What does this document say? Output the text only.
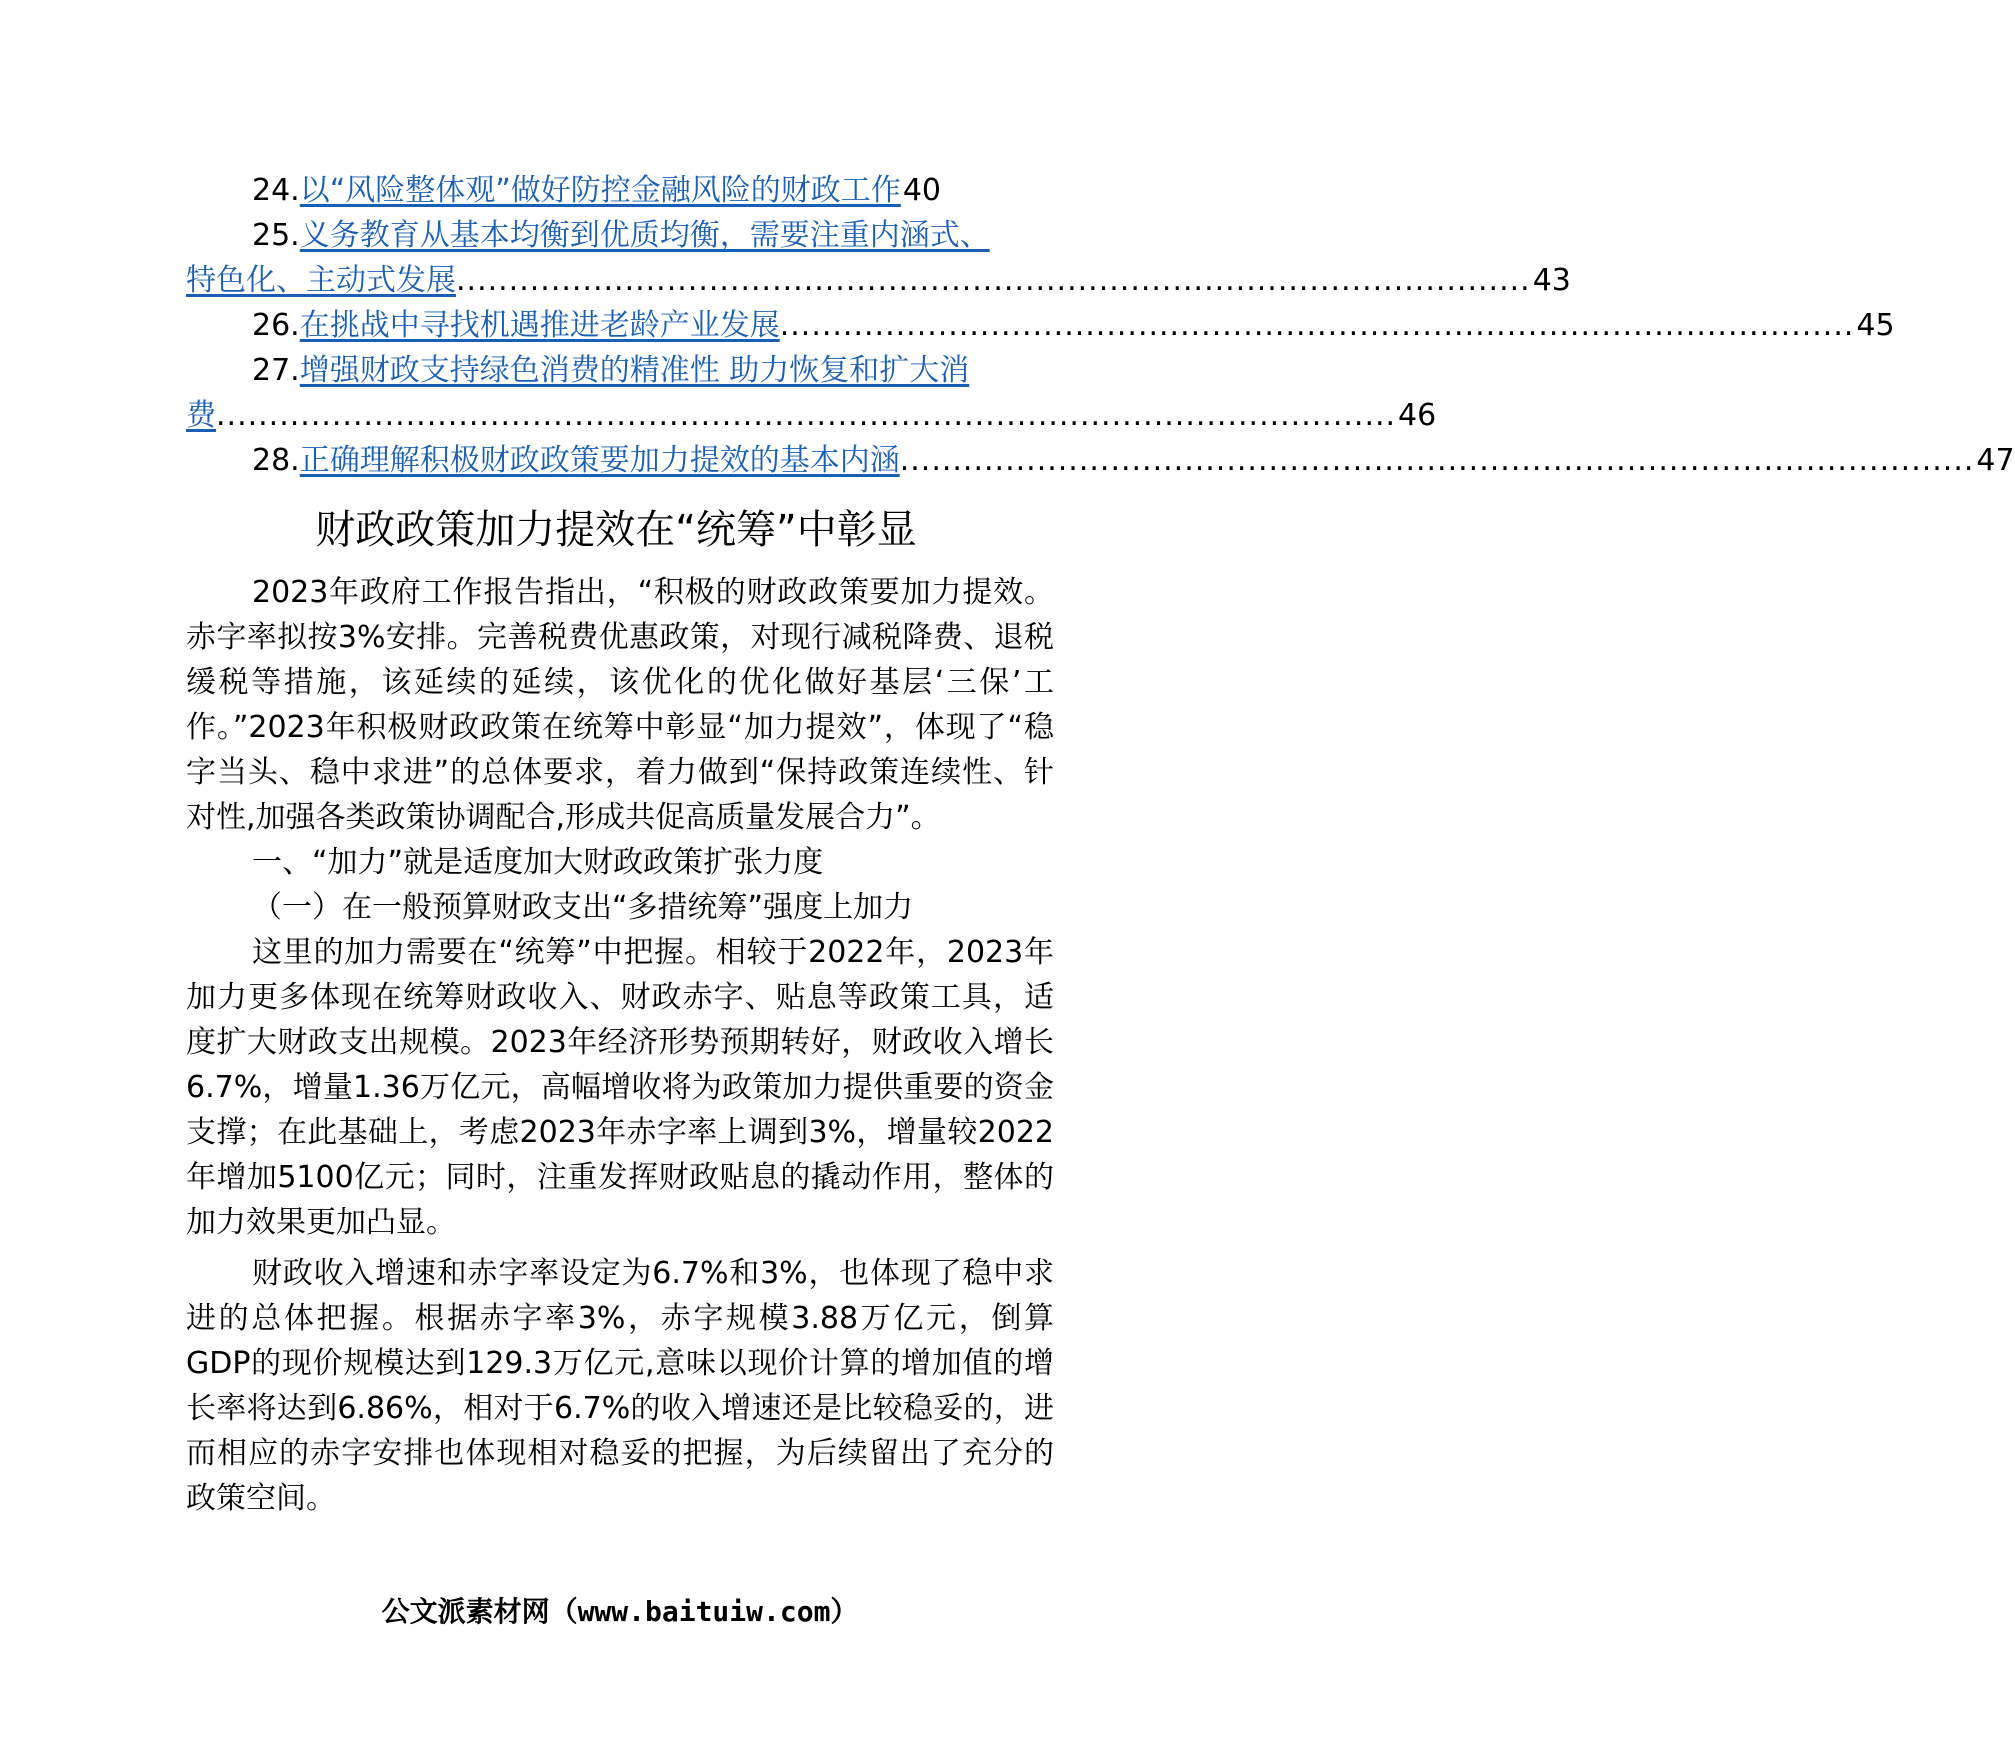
24. 以“风险整体观”做好防控金融风险的财政工作 40
25. 义务教育从基本均衡到优质均衡，需要注重内涵式、
特色化、主动式发展 ...................................................................................................... 43
26. 在挑战中寻找机遇推进老龄产业发展 ...................................................................................................... 45
27. 增强财政支持绿色消费的精准性 助力恢复和扩大消
费 ................................................................................................................ 46
28. 正确理解积极财政政策要加力提效的基本内涵 ...................................................................................................... 47
财政政策加力提效在“统筹”中彰显

2023年政府工作报告指出，“积极的财政政策要加力提效。赤字率拟按3%安排。完善税费优惠政策，对现行减税降费、退税缓税等措施，该延续的延续，该优化的优化做好基层‘三保’工作。”2023年积极财政政策在统筹中彰显“加力提效”，体现了“稳字当头、稳中求进”的总体要求，着力做到“保持政策连续性、针对性,加强各类政策协调配合,形成共促高质量发展合力”。

一、“加力”就是适度加大财政政策扩张力度
（一）在一般预算财政支出“多措统筹”强度上加力

这里的加力需要在“统筹”中把握。相较于2022年，2023年加力更多体现在统筹财政收入、财政赤字、贴息等政策工具，适度扩大财政支出规模。2023年经济形势预期转好，财政收入增长6.7%，增量1.36万亿元，高幅增收将为政策加力提供重要的资金支撑；在此基础上，考虑2023年赤字率上调到3%，增量较2022年增加5100亿元；同时，注重发挥财政贴息的撬动作用，整体的加力效果更加凸显。

财政收入增速和赤字率设定为6.7%和3%，也体现了稳中求进的总体把握。根据赤字率3%，赤字规模3.88万亿元，倒算GDP的现价规模达到129.3万亿元,意味以现价计算的增加值的增长率将达到6.86%，相对于6.7%的收入增速还是比较稳妥的，进而相应的赤字安排也体现相对稳妥的把握，为后续留出了充分的政策空间。

公文派素材网（www.baituiw.com）
